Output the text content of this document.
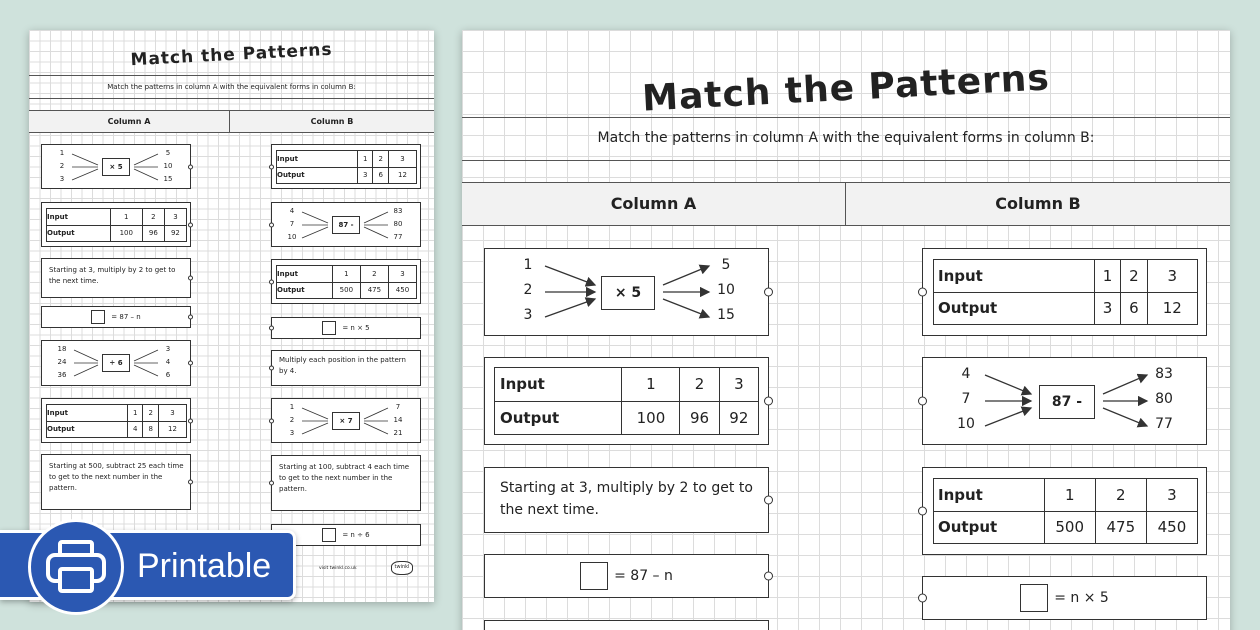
Match the Patterns
Match the patterns in column A with the equivalent forms in column B:
Column A	Column B
1
2
3
× 5
5
10
15
Input	1	2	3
Output	100	96	92
Starting at 3, multiply by 2 to get to the next time.
= 87 – n
18
24
36
÷ 6
3
4
6
Input	1	2	3
Output	4	8	12
Starting at 500, subtract 25 each time to get to the next number in the pattern.
Input	1	2	3
Output	3	6	12
4
7
10
87 -
83
80
77
Input	1	2	3
Output	500	475	450
= n × 5
Multiply each position in the pattern by 4.
1
2
3
× 7
7
14
21
Starting at 100, subtract 4 each time to get to the next number in the pattern.
= n ÷ 6
visit twinkl.co.uk	twinkl
Match the Patterns
Match the patterns in column A with the equivalent forms in column B:
Column A	Column B
1
2
3
× 5
5
10
15
Input	1	2	3
Output	100	96	92
Starting at 3, multiply by 2 to get to the next time.
= 87 – n
Input	1	2	3
Output	3	6	12
4
7
10
87 -
83
80
77
Input	1	2	3
Output	500	475	450
= n × 5
Printable
